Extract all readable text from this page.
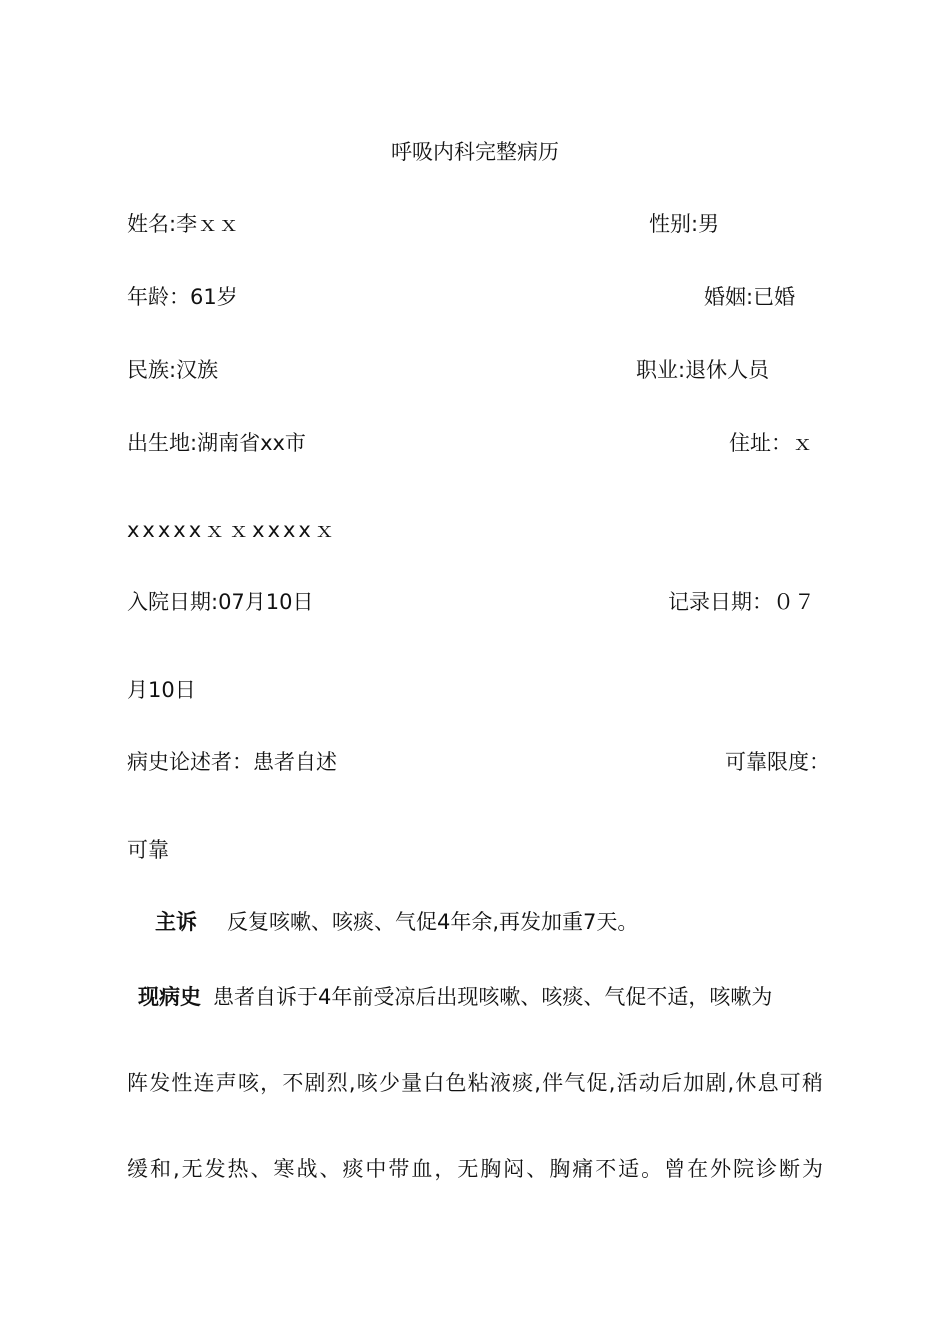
呼吸内科完整病历
姓名:李ｘｘ	性别:男
年龄：61岁	婚姻:已婚
民族:汉族	职业:退休人员
出生地:湖南省xx市	住址：ｘ
xxxxxｘｘxxxxｘ
入院日期:07月10日	记录日期：０７
月10日
病史论述者：患者自述	可靠限度：
可靠
主诉 反复咳嗽、咳痰、气促4年余,再发加重7天。
现病史 患者自诉于4年前受凉后出现咳嗽、咳痰、气促不适，咳嗽为
阵发性连声咳，不剧烈,咳少量白色粘液痰,伴气促,活动后加剧,休息可稍
缓和,无发热、寒战、痰中带血，无胸闷、胸痛不适。曾在外院诊断为
